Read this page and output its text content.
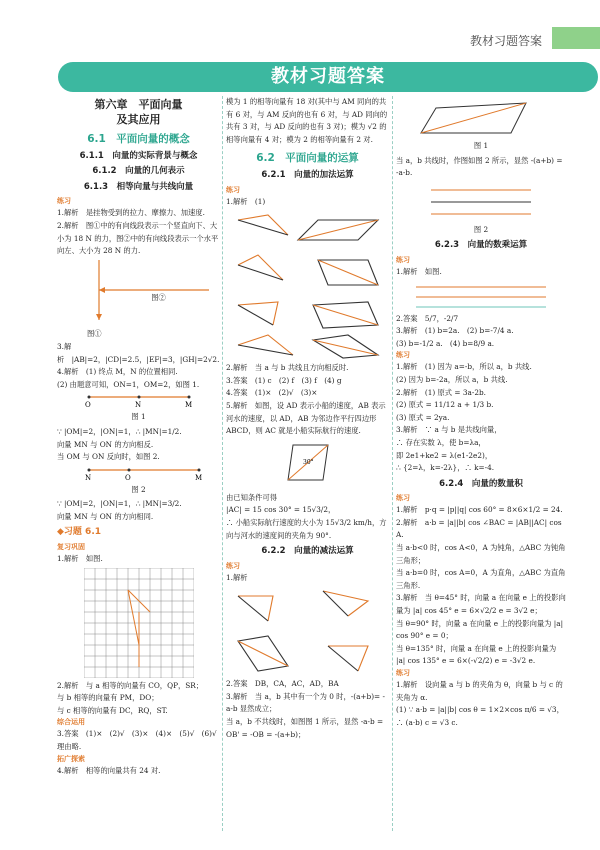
教材习题答案
教材习题答案
第六章　平面向量
及其应用
6.1　平面向量的概念
6.1.1　向量的实际背景与概念
6.1.2　向量的几何表示
6.1.3　相等向量与共线向量
练习

1.解析　是挂物受到的拉力、摩擦力、加速度.

2.解析　图①中的有向线段表示一个竖直向下、大小为 18 N 的力，图②中的有向线段表示一个水平向左、大小为 28 N 的力.

图②
图①

3.解析　|AB|=2，|CD|=2.5，|EF|=3，|GH|=2√2.

4.解析　(1) 终点 M，N 的位置相同.

(2) 由题意可知，ON=1，OM=2，如图 1.

O	N	M
图 1

∵ |OM|=2，|ON|=1，∴ |MN|=1/2.

向量 MN 与 ON 的方向相反.

当 OM 与 ON 反向时，如图 2.

N	O	M
图 2

∵ |OM|=2，|ON|=1，∴ |MN|=3/2.

向量 MN 与 ON 的方向相同.

◆习题 6.1
复习巩固

1.解析　如图.

2.解析　与 a 相等的向量有 CO，QP，SR；

与 b 相等的向量有 PM，DO；

与 c 相等的向量有 DC，RQ，ST.

综合运用

3.答案　(1)×　(2)√　(3)×　(4)×　(5)√　(6)√　理由略.

拓广探索

4.解析　相等的向量共有 24 对.

模为 1 的相等向量有 18 对(其中与 AM 同向的共有 6 对，与 AM 反向的也有 6 对，与 AD 同向的共有 3 对，与 AD 反向的也有 3 对)；模为 √2 的相等向量有 4 对；模为 2 的相等向量有 2 对.

6.2　平面向量的运算
6.2.1　向量的加法运算
练习

1.解析　(1)

2.解析　当 a 与 b 共线且方向相反时.

3.答案　(1) c　(2) f　(3) f　(4) g

4.答案　(1)×　(2)√　(3)×

5.解析　如图，设 AD 表示小船的速度，AB 表示河水的速度，以 AD，AB 为邻边作平行四边形 ABCD，则 AC 就是小船实际航行的速度.

30°

由已知条件可得

|AC| = 15 cos 30° = 15√3/2，

∴ 小船实际航行速度的大小为 15√3/2 km/h，方向与河水的速度间的夹角为 90°.

6.2.2　向量的减法运算
练习

1.解析

2.答案　DB，CA，AC，AD，BA

3.解析　当 a，b 其中有一个为 0 时，-(a+b)= -a-b 显然成立；

当 a，b 不共线时，如图图 1 所示，显然 -a-b = OB' = -OB = -(a+b)；

图 1

当 a，b 共线时，作图如图 2 所示，显然 -(a+b) = -a-b.

图 2
6.2.3　向量的数乘运算
练习

1.解析　如图.

2.答案　5/7，-2/7

3.解析　(1) b=2a.　(2) b=-7/4 a.

(3) b=-1/2 a.　(4) b=8/9 a.

练习

1.解析　(1) 因为 a=-b，所以 a，b 共线.

(2) 因为 b=-2a，所以 a，b 共线.

2.解析　(1) 原式 = 3a-2b.

(2) 原式 = 11/12 a + 1/3 b.

(3) 原式 = 2ya.

3.解析　∵ a 与 b 是共线向量，

∴ 存在实数 λ，使 b=λa，

即 2e1+ke2 = λ(e1-2e2)，

∴ {2=λ，k=-2λ}，∴ k=-4.

6.2.4　向量的数量积
练习

1.解析　p·q = |p||q| cos 60° = 8×6×1/2 = 24.

2.解析　a·b = |a||b| cos ∠BAC = |AB||AC| cos A.

当 a·b<0 时，cos A<0，A 为钝角，△ABC 为钝角三角形；

当 a·b=0 时，cos A=0，A 为直角，△ABC 为直角三角形.

3.解析　当 θ=45° 时，向量 a 在向量 e 上的投影向量为 |a| cos 45° e = 6×√2/2 e = 3√2 e；

当 θ=90° 时，向量 a 在向量 e 上的投影向量为 |a| cos 90° e = 0；

当 θ=135° 时，向量 a 在向量 e 上的投影向量为 |a| cos 135° e = 6×(-√2/2) e = -3√2 e.

练习

1.解析　设向量 a 与 b 的夹角为 θ，向量 b 与 c 的夹角为 α.

(1) ∵ a·b = |a||b| cos θ = 1×2×cos π/6 = √3，∴ (a·b) c = √3 c.
